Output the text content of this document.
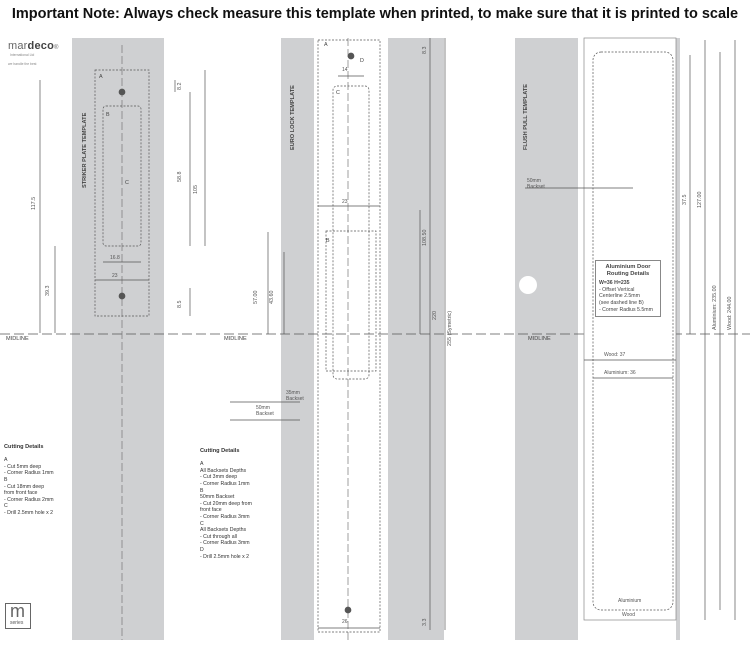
Important Note: Always check measure this template when printed, to make sure that it is printed to scale
mardeco®
International Ltd
we handle the best
m
series
STRIKER PLATE TEMPLATE
A
B
C
8.2
58.8
105
117.5
39.3
8.5
16.8
23
MIDLINE
Cutting Details

A
- Cut 5mm deep
- Corner Radius 1mm
B
- Cut 18mm deep
from front face
- Corner Radius 2mm
C
- Drill 2.5mm hole x 2
EURO LOCK TEMPLATE
A
B
C
D
8.3
108.50
220 255 (Symetric)
57.00 43.60
3.3
14
23
26
35mm Backset
50mm Backset
MIDLINE
Cutting Details

A
All Backsets Depths
- Cut 3mm deep
- Corner Radius 1mm
B
50mm Backset
- Cut 20mm deep from
front face
- Corner Radius 3mm
C
All Backsets Depths
- Cut through all
- Corner Radius 3mm
D
- Drill 2.5mm hole x 2
FLUSH PULL TEMPLATE
50mm Backset
37.5 127.00
Aluminium: 235.00 Wood: 244.00
Wood: 37
Aluminium: 36
MIDLINE
Aluminium Door Routing Details
W=36 H=235
- Offset Vertical
Centerline 2.5mm
(see dashed line B)
- Corner Radius 5.5mm
Aluminium
Wood
